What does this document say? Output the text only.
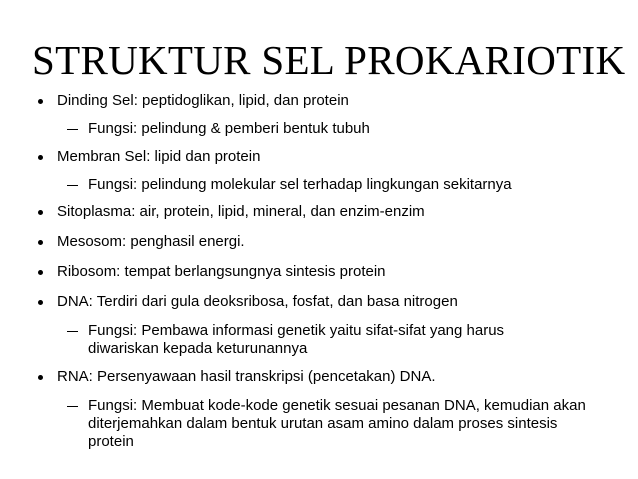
STRUKTUR SEL PROKARIOTIK
Dinding Sel: peptidoglikan, lipid, dan protein
Fungsi: pelindung & pemberi bentuk tubuh
Membran Sel: lipid dan protein
Fungsi: pelindung molekular sel terhadap lingkungan sekitarnya
Sitoplasma: air, protein, lipid, mineral, dan enzim-enzim
Mesosom: penghasil energi.
Ribosom: tempat berlangsungnya sintesis protein
DNA: Terdiri dari gula deoksribosa, fosfat, dan basa nitrogen
Fungsi: Pembawa informasi genetik yaitu sifat-sifat yang harus diwariskan kepada keturunannya
RNA: Persenyawaan hasil transkripsi (pencetakan) DNA.
Fungsi: Membuat kode-kode genetik sesuai pesanan DNA, kemudian akan diterjemahkan dalam bentuk urutan asam amino dalam proses sintesis protein
